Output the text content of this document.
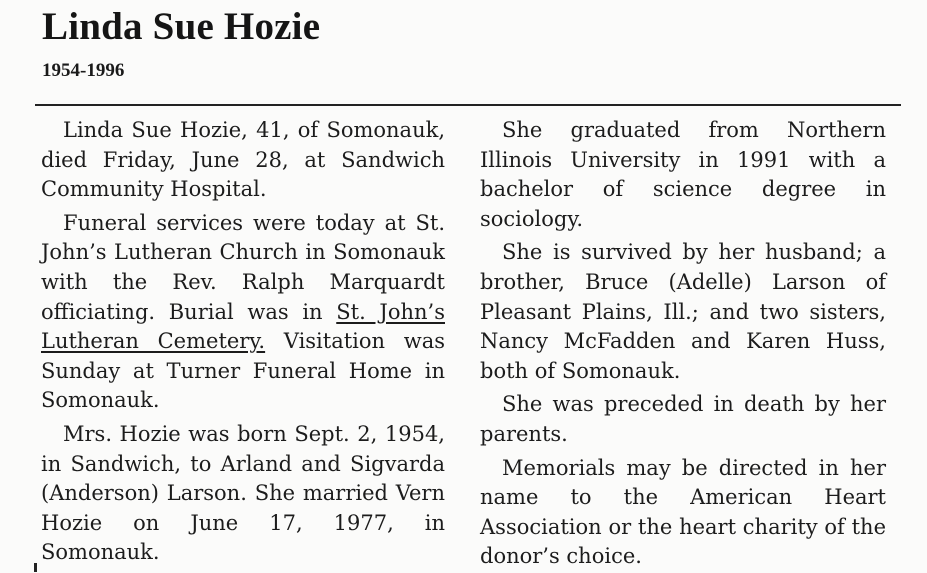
Linda Sue Hozie
1954-1996

Linda Sue Hozie, 41, of Somonauk, died Friday, June 28, at Sandwich Community Hospital.

Funeral services were today at St. John’s Lutheran Church in Somonauk with the Rev. Ralph Marquardt officiating. Burial was in St. John’s Lutheran Cemetery. Visitation was Sunday at Turner Funeral Home in Somonauk.

Mrs. Hozie was born Sept. 2, 1954, in Sandwich, to Arland and Sigvarda (Anderson) Larson. She married Vern Hozie on June 17, 1977, in Somonauk.

She graduated from Northern Illinois University in 1991 with a bachelor of science degree in sociology.

She is survived by her husband; a brother, Bruce (Adelle) Larson of Pleasant Plains, Ill.; and two sisters, Nancy McFadden and Karen Huss, both of Somonauk.

She was preceded in death by her parents.

Memorials may be directed in her name to the American Heart Association or the heart charity of the donor’s choice.
